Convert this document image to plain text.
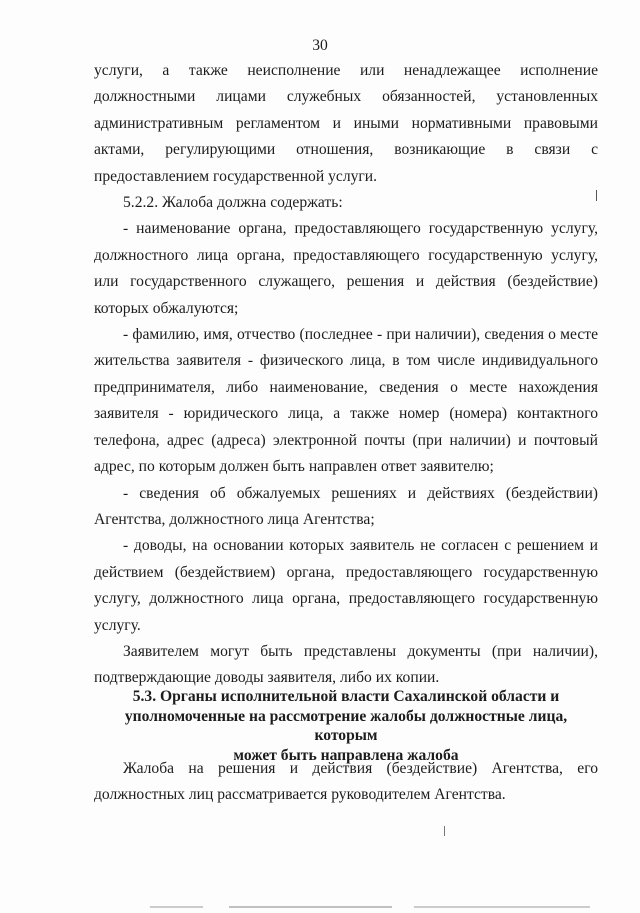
30

услуги, а также неисполнение или ненадлежащее исполнение должностными лицами служебных обязанностей, установленных административным регламентом и иными нормативными правовыми актами, регулирующими отношения, возникающие в связи с предоставлением государственной услуги.

5.2.2. Жалоба должна содержать:

- наименование органа, предоставляющего государственную услугу, должностного лица органа, предоставляющего государственную услугу, или государственного служащего, решения и действия (бездействие) которых обжалуются;

- фамилию, имя, отчество (последнее - при наличии), сведения о месте жительства заявителя - физического лица, в том числе индивидуального предпринимателя, либо наименование, сведения о месте нахождения заявителя - юридического лица, а также номер (номера) контактного телефона, адрес (адреса) электронной почты (при наличии) и почтовый адрес, по которым должен быть направлен ответ заявителю;

- сведения об обжалуемых решениях и действиях (бездействии) Агентства, должностного лица Агентства;

- доводы, на основании которых заявитель не согласен с решением и действием (бездействием) органа, предоставляющего государственную услугу, должностного лица органа, предоставляющего государственную услугу.

Заявителем могут быть представлены документы (при наличии), подтверждающие доводы заявителя, либо их копии.

5.3. Органы исполнительной власти Сахалинской области и
уполномоченные на рассмотрение жалобы должностные лица, которым
может быть направлена жалоба

Жалоба на решения и действия (бездействие) Агентства, его должностных лиц рассматривается руководителем Агентства.
